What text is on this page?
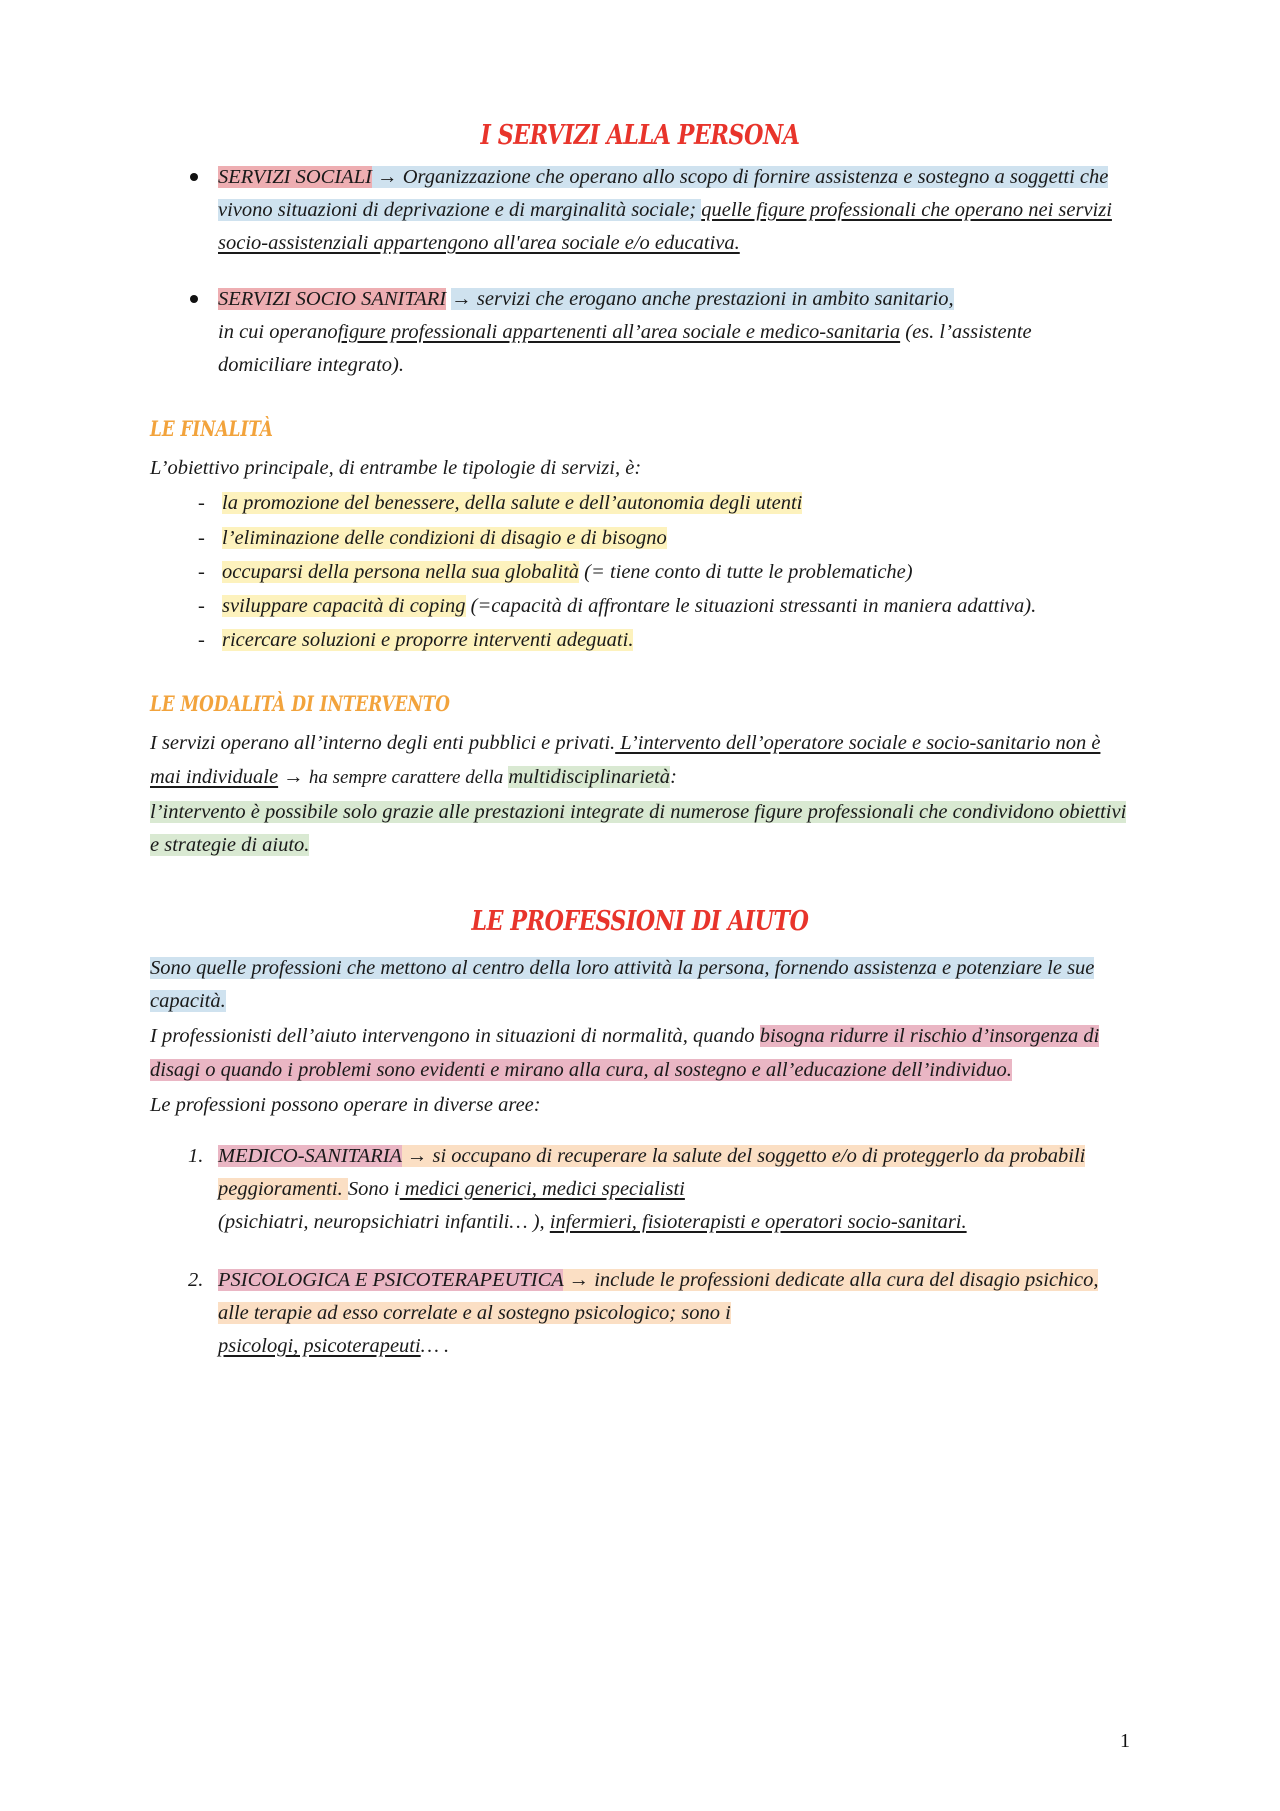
I SERVIZI ALLA PERSONA
SERVIZI SOCIALI → Organizzazione che operano allo scopo di fornire assistenza e sostegno a soggetti che vivono situazioni di deprivazione e di marginalità sociale; quelle figure professionali che operano nei servizi socio-assistenziali appartengono all'area sociale e/o educativa.
SERVIZI SOCIO SANITARI → servizi che erogano anche prestazioni in ambito sanitario,
in cui operanofigure professionali appartenenti all’area sociale e medico-sanitaria (es. l’assistente domiciliare integrato).
LE FINALITÀ

L’obiettivo principale, di entrambe le tipologie di servizi, è:

- la promozione del benessere, della salute e dell’autonomia degli utenti
- l’eliminazione delle condizioni di disagio e di bisogno
- occuparsi della persona nella sua globalità (= tiene conto di tutte le problematiche)
- sviluppare capacità di coping (=capacità di affrontare le situazioni stressanti in maniera adattiva).
- ricercare soluzioni e proporre interventi adeguati.
LE MODALITÀ DI INTERVENTO

I servizi operano all’interno degli enti pubblici e privati. L’intervento dell’operatore sociale e socio-sanitario non è mai individuale → ha sempre carattere della multidisciplinarietà:

l’intervento è possibile solo grazie alle prestazioni integrate di numerose figure professionali che condividono obiettivi e strategie di aiuto.

LE PROFESSIONI DI AIUTO

Sono quelle professioni che mettono al centro della loro attività la persona, fornendo assistenza e potenziare le sue capacità.

I professionisti dell’aiuto intervengono in situazioni di normalità, quando bisogna ridurre il rischio d’insorgenza di disagi o quando i problemi sono evidenti e mirano alla cura, al sostegno e all’educazione dell’individuo.

Le professioni possono operare in diverse aree:

MEDICO-SANITARIA → si occupano di recuperare la salute del soggetto e/o di proteggerlo da probabili peggioramenti. Sono i medici generici, medici specialisti
(psichiatri, neuropsichiatri infantili… ), infermieri, fisioterapisti e operatori socio-sanitari.
PSICOLOGICA E PSICOTERAPEUTICA → include le professioni dedicate alla cura del disagio psichico, alle terapie ad esso correlate e al sostegno psicologico; sono i
psicologi, psicoterapeuti… .
1
